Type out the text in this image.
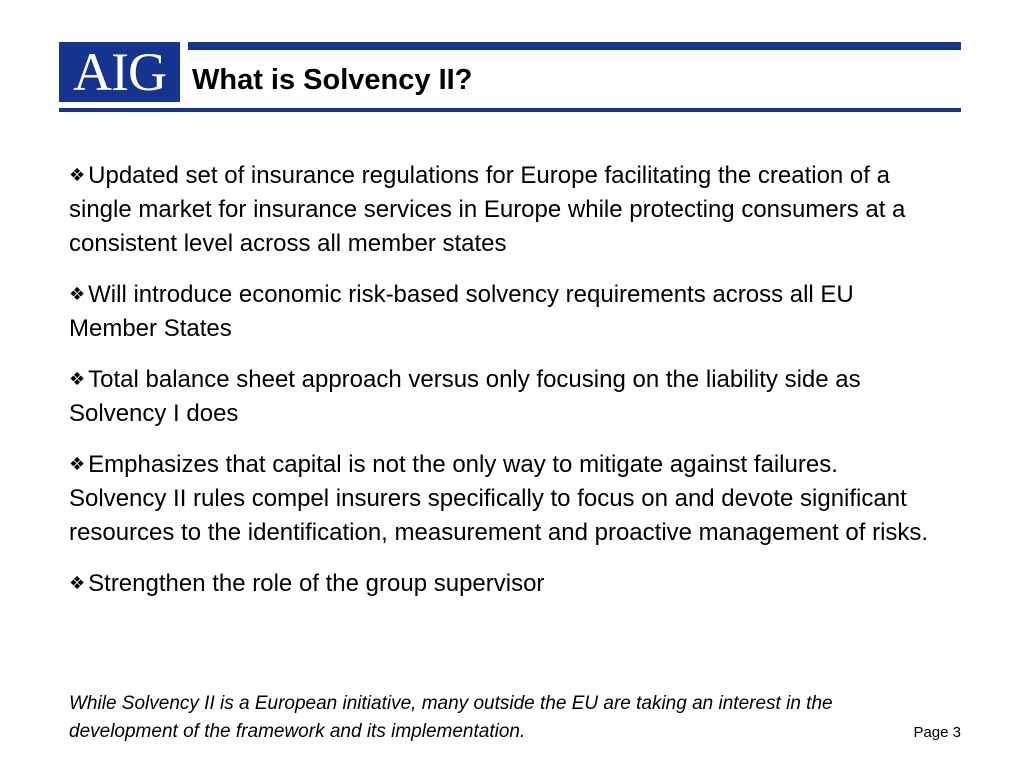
AIG What is Solvency II?

❖ Updated set of insurance regulations for Europe facilitating the creation of a single market for insurance services in Europe while protecting consumers at a consistent level across all member states

❖ Will introduce economic risk-based solvency requirements across all EU Member States

❖ Total balance sheet approach versus only focusing on the liability side as Solvency I does

❖ Emphasizes that capital is not the only way to mitigate against failures. Solvency II rules compel insurers specifically to focus on and devote significant resources to the identification, measurement and proactive management of risks.

❖ Strengthen the role of the group supervisor

While Solvency II is a European initiative, many outside the EU are taking an interest in the development of the framework and its implementation.	Page 3
